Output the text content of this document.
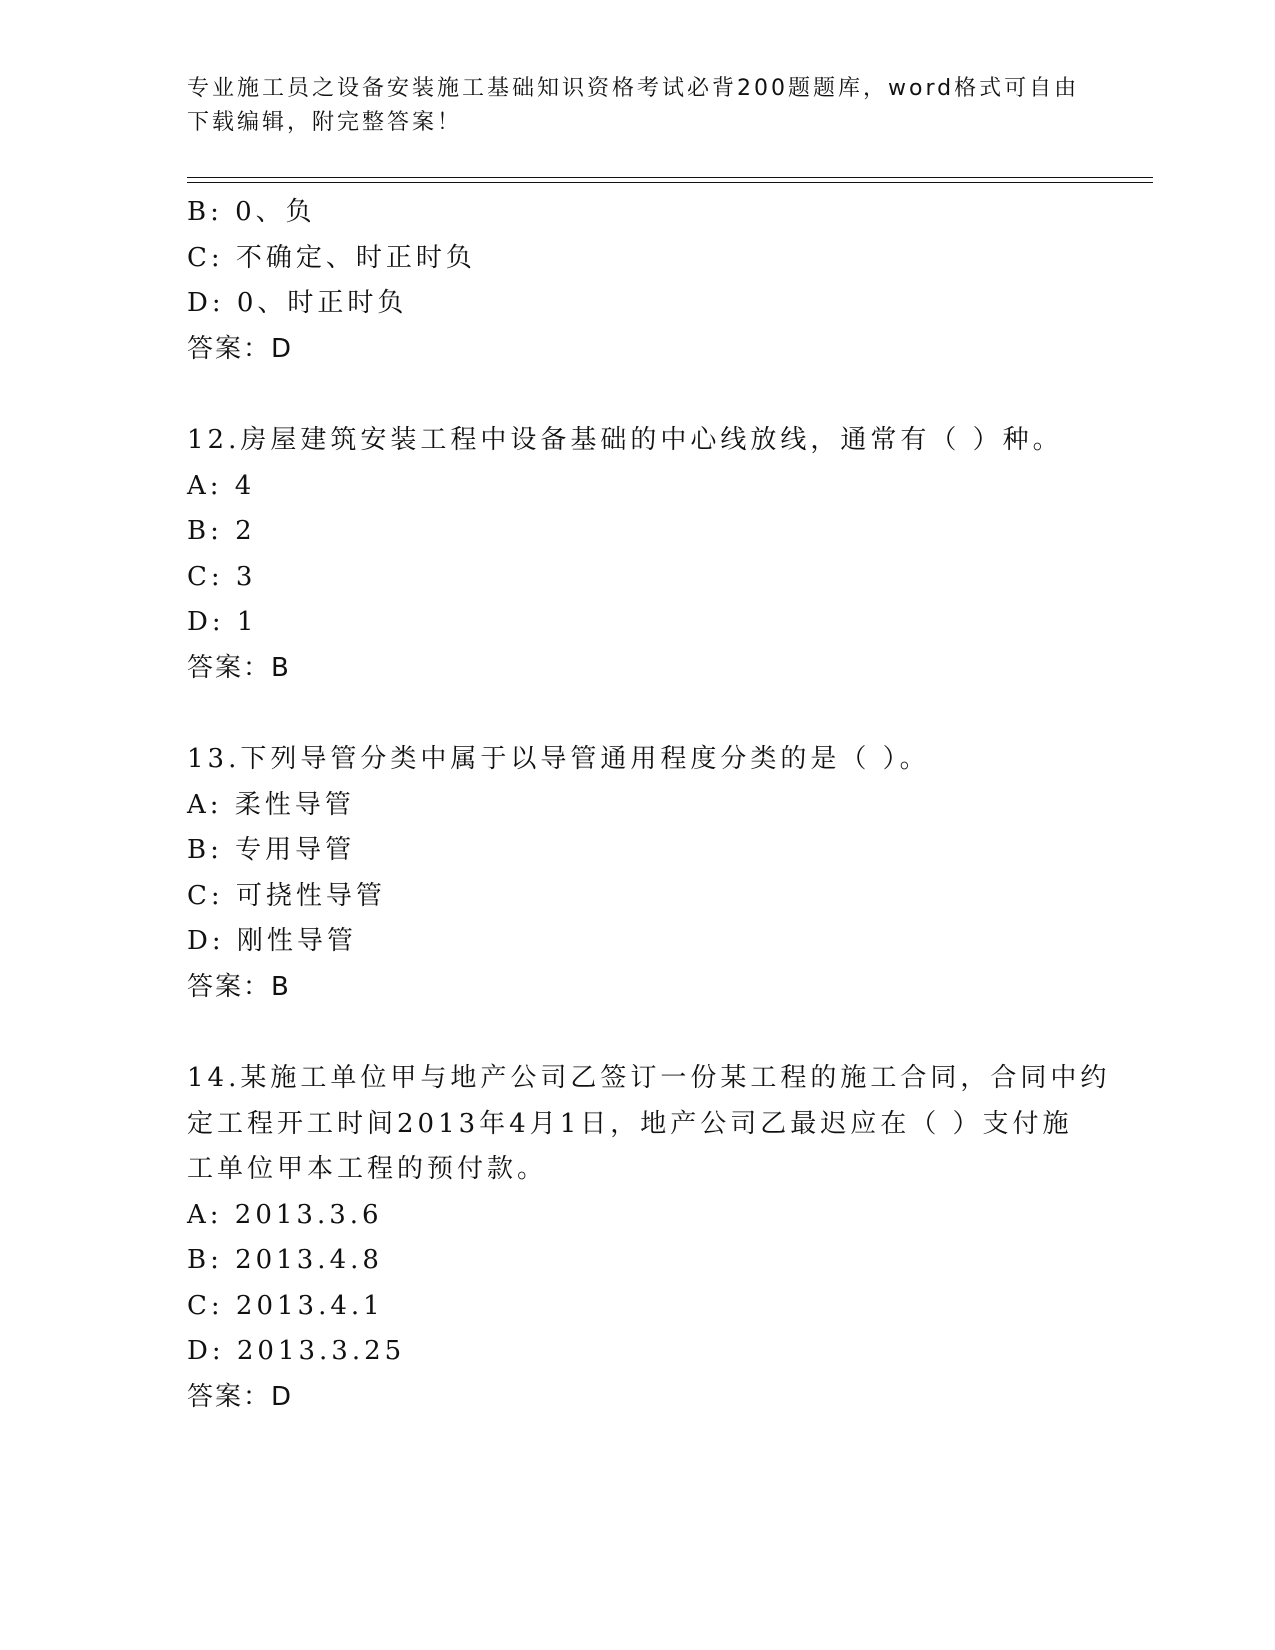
专业施工员之设备安装施工基础知识资格考试必背200题题库，word格式可自由
下载编辑，附完整答案！
B: 0、负
C: 不确定、时正时负
D: 0、时正时负
答案：D
12.房屋建筑安装工程中设备基础的中心线放线，通常有（ ）种。
A: 4
B: 2
C: 3
D: 1
答案：B
13.下列导管分类中属于以导管通用程度分类的是（ ）。
A: 柔性导管
B: 专用导管
C: 可挠性导管
D: 刚性导管
答案：B
14.某施工单位甲与地产公司乙签订一份某工程的施工合同，合同中约
定工程开工时间2013年4月1日，地产公司乙最迟应在（ ）支付施
工单位甲本工程的预付款。
A: 2013.3.6
B: 2013.4.8
C: 2013.4.1
D: 2013.3.25
答案：D
